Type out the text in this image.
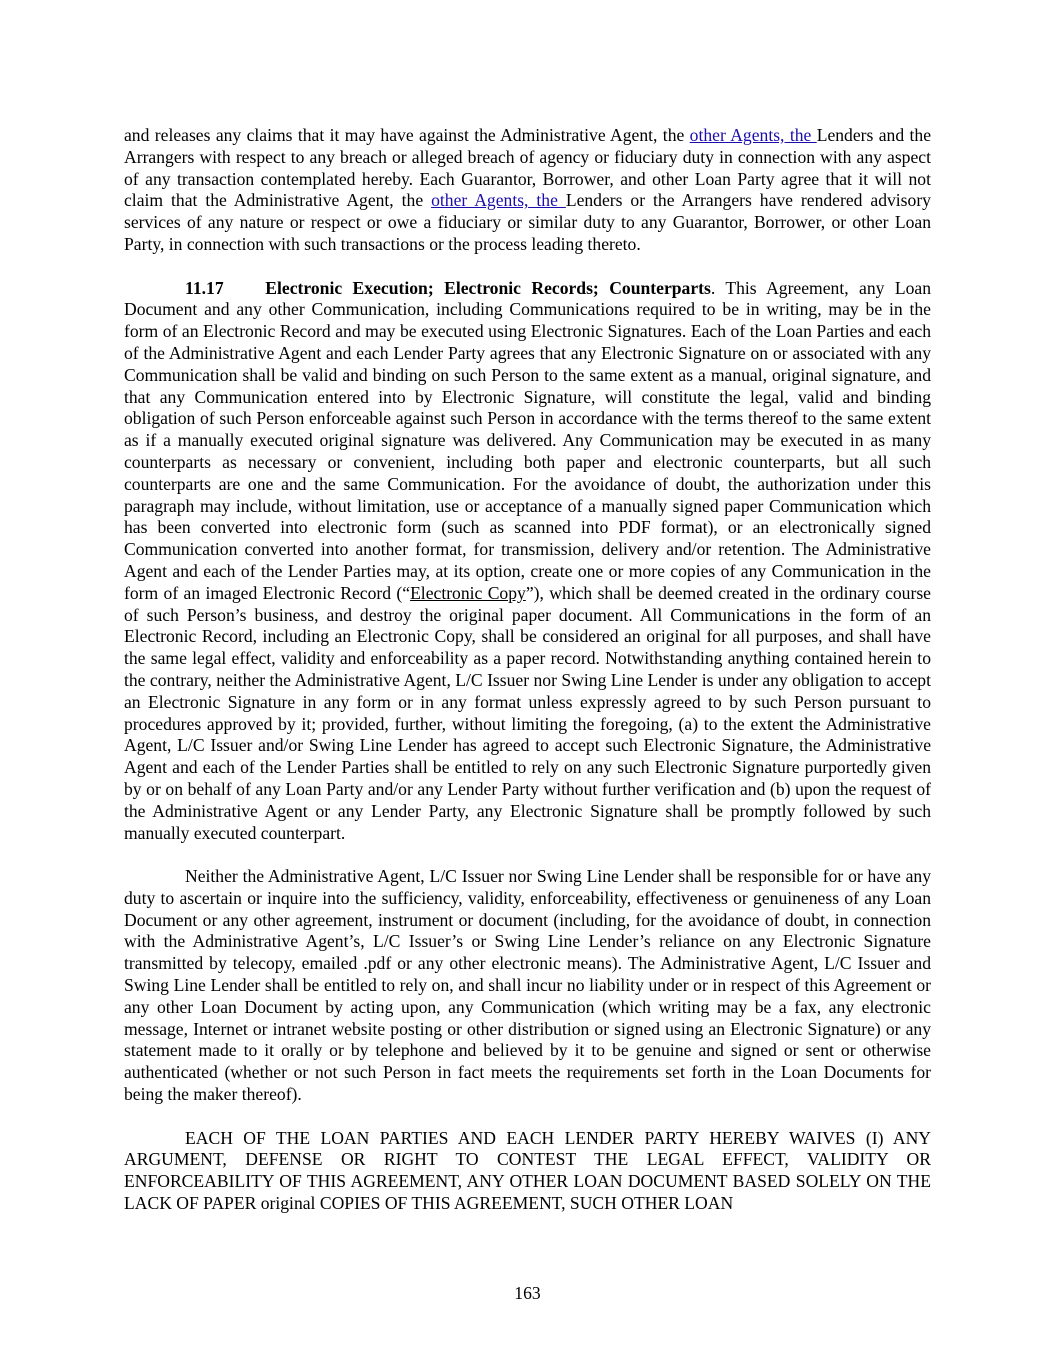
and releases any claims that it may have against the Administrative Agent, the other Agents, the Lenders and the Arrangers with respect to any breach or alleged breach of agency or fiduciary duty in connection with any aspect of any transaction contemplated hereby. Each Guarantor, Borrower, and other Loan Party agree that it will not claim that the Administrative Agent, the other Agents, the Lenders or the Arrangers have rendered advisory services of any nature or respect or owe a fiduciary or similar duty to any Guarantor, Borrower, or other Loan Party, in connection with such transactions or the process leading thereto.

11.17 Electronic Execution; Electronic Records; Counterparts. This Agreement, any Loan Document and any other Communication, including Communications required to be in writing, may be in the form of an Electronic Record and may be executed using Electronic Signatures. Each of the Loan Parties and each of the Administrative Agent and each Lender Party agrees that any Electronic Signature on or associated with any Communication shall be valid and binding on such Person to the same extent as a manual, original signature, and that any Communication entered into by Electronic Signature, will constitute the legal, valid and binding obligation of such Person enforceable against such Person in accordance with the terms thereof to the same extent as if a manually executed original signature was delivered. Any Communication may be executed in as many counterparts as necessary or convenient, including both paper and electronic counterparts, but all such counterparts are one and the same Communication. For the avoidance of doubt, the authorization under this paragraph may include, without limitation, use or acceptance of a manually signed paper Communication which has been converted into electronic form (such as scanned into PDF format), or an electronically signed Communication converted into another format, for transmission, delivery and/or retention. The Administrative Agent and each of the Lender Parties may, at its option, create one or more copies of any Communication in the form of an imaged Electronic Record (“Electronic Copy”), which shall be deemed created in the ordinary course of such Person’s business, and destroy the original paper document. All Communications in the form of an Electronic Record, including an Electronic Copy, shall be considered an original for all purposes, and shall have the same legal effect, validity and enforceability as a paper record. Notwithstanding anything contained herein to the contrary, neither the Administrative Agent, L/C Issuer nor Swing Line Lender is under any obligation to accept an Electronic Signature in any form or in any format unless expressly agreed to by such Person pursuant to procedures approved by it; provided, further, without limiting the foregoing, (a) to the extent the Administrative Agent, L/C Issuer and/or Swing Line Lender has agreed to accept such Electronic Signature, the Administrative Agent and each of the Lender Parties shall be entitled to rely on any such Electronic Signature purportedly given by or on behalf of any Loan Party and/or any Lender Party without further verification and (b) upon the request of the Administrative Agent or any Lender Party, any Electronic Signature shall be promptly followed by such manually executed counterpart.

Neither the Administrative Agent, L/C Issuer nor Swing Line Lender shall be responsible for or have any duty to ascertain or inquire into the sufficiency, validity, enforceability, effectiveness or genuineness of any Loan Document or any other agreement, instrument or document (including, for the avoidance of doubt, in connection with the Administrative Agent’s, L/C Issuer’s or Swing Line Lender’s reliance on any Electronic Signature transmitted by telecopy, emailed .pdf or any other electronic means). The Administrative Agent, L/C Issuer and Swing Line Lender shall be entitled to rely on, and shall incur no liability under or in respect of this Agreement or any other Loan Document by acting upon, any Communication (which writing may be a fax, any electronic message, Internet or intranet website posting or other distribution or signed using an Electronic Signature) or any statement made to it orally or by telephone and believed by it to be genuine and signed or sent or otherwise authenticated (whether or not such Person in fact meets the requirements set forth in the Loan Documents for being the maker thereof).

EACH OF THE LOAN PARTIES AND EACH LENDER PARTY HEREBY WAIVES (I) ANY ARGUMENT, DEFENSE OR RIGHT TO CONTEST THE LEGAL EFFECT, VALIDITY OR ENFORCEABILITY OF THIS AGREEMENT, ANY OTHER LOAN DOCUMENT BASED SOLELY ON THE LACK OF PAPER original COPIES OF THIS AGREEMENT, SUCH OTHER LOAN

163
